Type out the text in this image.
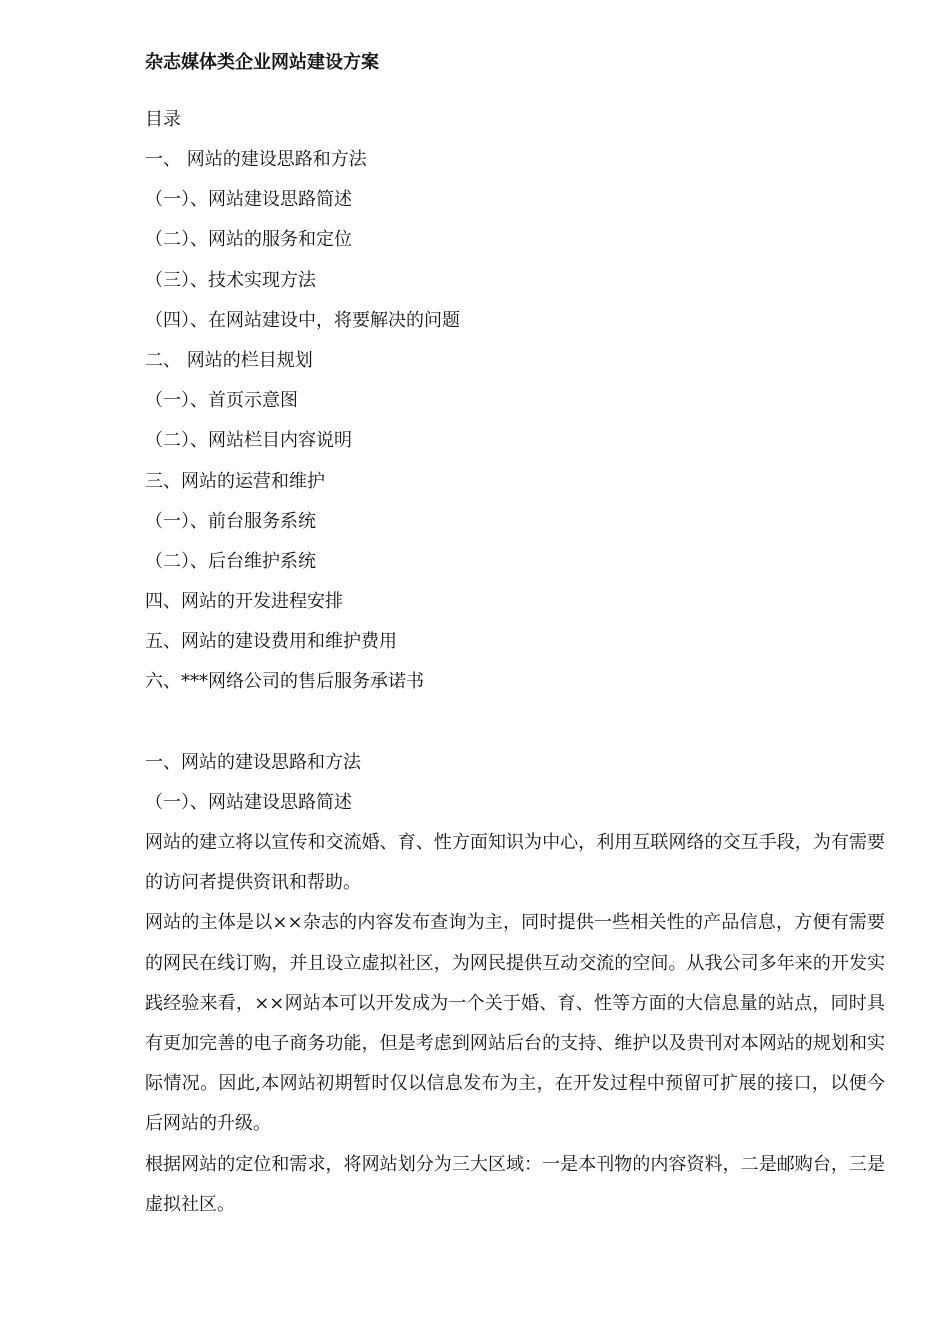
杂志媒体类企业网站建设方案
目录
一、 网站的建设思路和方法
（一）、网站建设思路简述
（二）、网站的服务和定位
（三）、技术实现方法
（四）、在网站建设中，将要解决的问题
二、 网站的栏目规划
（一）、首页示意图
（二）、网站栏目内容说明
三、网站的运营和维护
（一）、前台服务系统
（二）、后台维护系统
四、网站的开发进程安排
五、网站的建设费用和维护费用
六、***网络公司的售后服务承诺书
一、网站的建设思路和方法
（一）、网站建设思路简述

网站的建立将以宣传和交流婚、育、性方面知识为中心，利用互联网络的交互手段，为有需要的访问者提供资讯和帮助。

网站的主体是以××杂志的内容发布查询为主，同时提供一些相关性的产品信息，方便有需要的网民在线订购，并且设立虚拟社区，为网民提供互动交流的空间。从我公司多年来的开发实践经验来看，××网站本可以开发成为一个关于婚、育、性等方面的大信息量的站点，同时具有更加完善的电子商务功能，但是考虑到网站后台的支持、维护以及贵刊对本网站的规划和实际情况。因此,本网站初期暂时仅以信息发布为主，在开发过程中预留可扩展的接口，以便今后网站的升级。

根据网站的定位和需求，将网站划分为三大区域：一是本刊物的内容资料，二是邮购台，三是虚拟社区。
